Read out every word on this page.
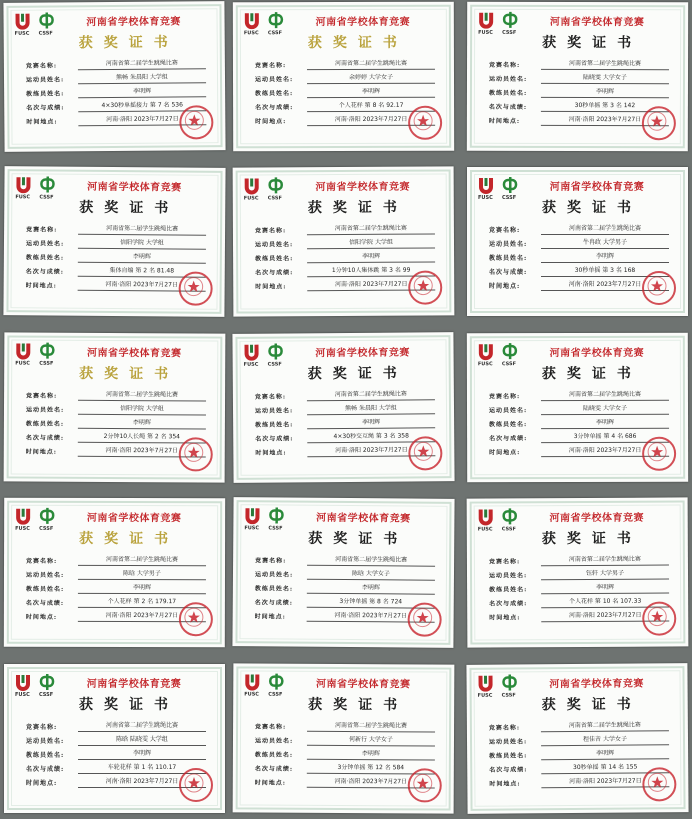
FUSC CSSF
河南省学校体育竞赛
获奖证书
竞赛名称:	河南省第二届学生跳绳比赛
运动员姓名:	熊畅 朱晨阳 大学组
教练员姓名:	李明辉
名次与成绩:	4×30秒单摇接力 第 7 名 536
时间地点:	河南·洛阳 2023年7月27日
FUSC CSSF
河南省学校体育竞赛
获奖证书
竞赛名称:	河南省第二届学生跳绳比赛
运动员姓名:	余婷婷 大学女子
教练员姓名:	李明辉
名次与成绩:	个人花样 第 8 名 92.17
时间地点:	河南·洛阳 2023年7月27日
FUSC CSSF
河南省学校体育竞赛
获奖证书
竞赛名称:	河南省第二届学生跳绳比赛
运动员姓名:	陆晓雯 大学女子
教练员姓名:	李明辉
名次与成绩:	30秒单摇 第 3 名 142
时间地点:	河南·洛阳 2023年7月27日
FUSC CSSF
河南省学校体育竞赛
获奖证书
竞赛名称:	河南省第二届学生跳绳比赛
运动员姓名:	信阳学院 大学组
教练员姓名:	李明辉
名次与成绩:	集体自编 第 2 名 81.48
时间地点:	河南·洛阳 2023年7月27日
FUSC CSSF
河南省学校体育竞赛
获奖证书
竞赛名称:	河南省第二届学生跳绳比赛
运动员姓名:	信阳学院 大学组
教练员姓名:	李明辉
名次与成绩:	1分钟10人集体跳 第 3 名 99
时间地点:	河南·洛阳 2023年7月27日
FUSC CSSF
河南省学校体育竞赛
获奖证书
竞赛名称:	河南省第二届学生跳绳比赛
运动员姓名:	牛冉政 大学男子
教练员姓名:	李明辉
名次与成绩:	30秒单摇 第 3 名 168
时间地点:	河南·洛阳 2023年7月27日
FUSC CSSF
河南省学校体育竞赛
获奖证书
竞赛名称:	河南省第二届学生跳绳比赛
运动员姓名:	信阳学院 大学组
教练员姓名:	李明辉
名次与成绩:	2分钟10人长绳 第 2 名 354
时间地点:	河南·洛阳 2023年7月27日
FUSC CSSF
河南省学校体育竞赛
获奖证书
竞赛名称:	河南省第二届学生跳绳比赛
运动员姓名:	熊畅 朱晨阳 大学组
教练员姓名:	李明辉
名次与成绩:	4×30秒交互绳 第 3 名 358
时间地点:	河南·洛阳 2023年7月27日
FUSC CSSF
河南省学校体育竞赛
获奖证书
竞赛名称:	河南省第二届学生跳绳比赛
运动员姓名:	陆晓雯 大学女子
教练员姓名:	李明辉
名次与成绩:	3分钟单摇 第 4 名 686
时间地点:	河南·洛阳 2023年7月27日
FUSC CSSF
河南省学校体育竞赛
获奖证书
竞赛名称:	河南省第二届学生跳绳比赛
运动员姓名:	陈晗 大学男子
教练员姓名:	李明辉
名次与成绩:	个人花样 第 2 名 179.17
时间地点:	河南·洛阳 2023年7月27日
FUSC CSSF
河南省学校体育竞赛
获奖证书
竞赛名称:	河南省第二届学生跳绳比赛
运动员姓名:	陈晗 大学女子
教练员姓名:	李明辉
名次与成绩:	3分钟单摇 第 8 名 724
时间地点:	河南·洛阳 2023年7月27日
FUSC CSSF
河南省学校体育竞赛
获奖证书
竞赛名称:	河南省第二届学生跳绳比赛
运动员姓名:	钰轩 大学男子
教练员姓名:	李明辉
名次与成绩:	个人花样 第 10 名 107.33
时间地点:	河南·洛阳 2023年7月27日
FUSC CSSF
河南省学校体育竞赛
获奖证书
竞赛名称:	河南省第二届学生跳绳比赛
运动员姓名:	陈晗 陆晓雯 大学组
教练员姓名:	李明辉
名次与成绩:	车轮花样 第 1 名 110.17
时间地点:	河南·洛阳 2023年7月27日
FUSC CSSF
河南省学校体育竞赛
获奖证书
竞赛名称:	河南省第二届学生跳绳比赛
运动员姓名:	何新行 大学女子
教练员姓名:	李明辉
名次与成绩:	3分钟单摇 第 12 名 584
时间地点:	河南·洛阳 2023年7月27日
FUSC CSSF
河南省学校体育竞赛
获奖证书
竞赛名称:	河南省第二届学生跳绳比赛
运动员姓名:	程佳音 大学女子
教练员姓名:	李明辉
名次与成绩:	30秒单摇 第 14 名 155
时间地点:	河南·洛阳 2023年7月27日
